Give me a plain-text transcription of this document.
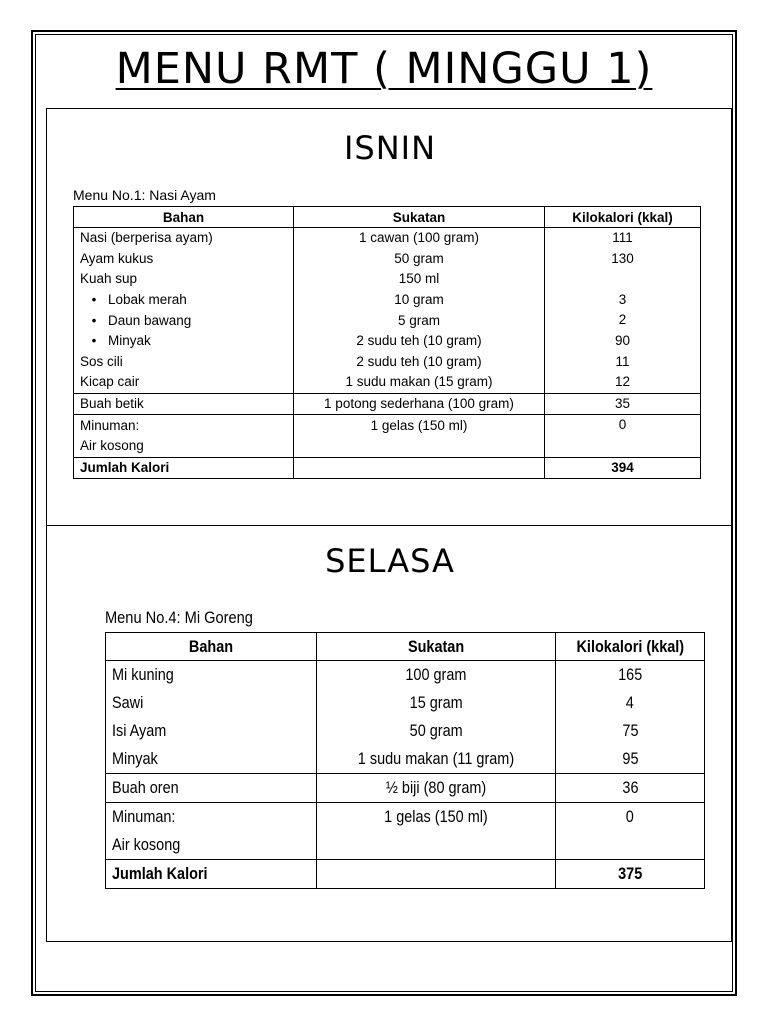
MENU RMT ( MINGGU 1)
ISNIN
Menu No.1: Nasi Ayam
Bahan	Sukatan	Kilokalori (kkal)
Nasi (berperisa ayam)	1 cawan (100 gram)	111
Ayam kukus	50 gram	130
Kuah sup	150 ml	
• Lobak merah	10 gram	3
• Daun bawang	5 gram	2
• Minyak	2 sudu teh (10 gram)	90
Sos cili	2 sudu teh (10 gram)	11
Kicap cair	1 sudu makan (15 gram)	12
Buah betik	1 potong sederhana (100 gram)	35
Minuman:	1 gelas (150 ml)	0
Air kosong		
Jumlah Kalori		394
SELASA
Menu No.4: Mi Goreng
Bahan	Sukatan	Kilokalori (kkal)
Mi kuning	100 gram	165
Sawi	15 gram	4
Isi Ayam	50 gram	75
Minyak	1 sudu makan (11 gram)	95
Buah oren	½ biji (80 gram)	36
Minuman:	1 gelas (150 ml)	0
Air kosong		
Jumlah Kalori		375
